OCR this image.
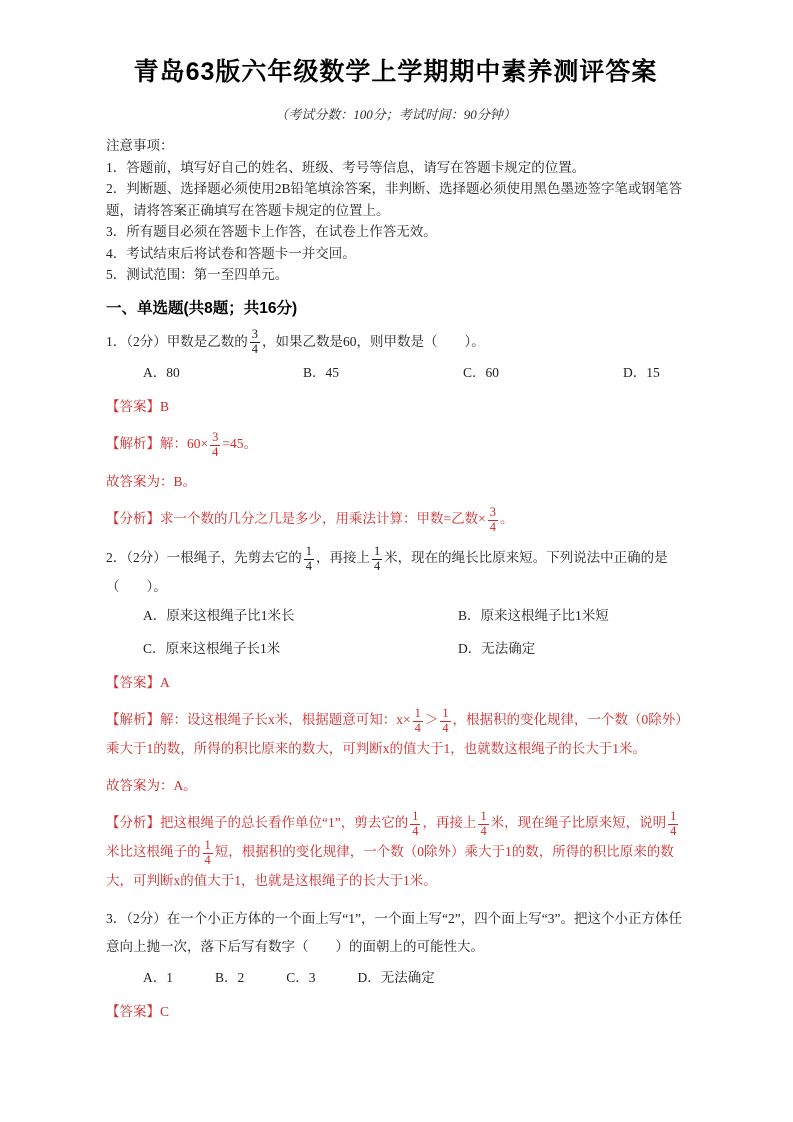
青岛63版六年级数学上学期期中素养测评答案

（考试分数：100分；考试时间：90分钟）

注意事项：

1．答题前，填写好自己的姓名、班级、考号等信息，请写在答题卡规定的位置。

2．判断题、选择题必须使用2B铅笔填涂答案，非判断、选择题必须使用黑色墨迹签字笔或钢笔答题，请将答案正确填写在答题卡规定的位置上。

3．所有题目必须在答题卡上作答，在试卷上作答无效。

4．考试结束后将试卷和答题卡一并交回。

5．测试范围：第一至四单元。

一、单选题(共8题；共16分)

1．（2分）甲数是乙数的 $\frac{3}{4}$ ，如果乙数是60，则甲数是（　　）。

A．80	B．45	C．60	D．15

【答案】B

【解析】解：$60\times \frac{3}{4} =45$。

故答案为：B。

【分析】求一个数的几分之几是多少，用乘法计算：甲数=乙数× $\frac{3}{4}$ 。

2．（2分）一根绳子，先剪去它的 $\frac{1}{4}$ ，再接上 $\frac{1}{4}$ 米，现在的绳长比原来短。下列说法中正确的是（　　）。

A．原来这根绳子比1米长	B．原来这根绳子比1米短
C．原来这根绳子长1米	D．无法确定

【答案】A

【解析】解：设这根绳子长x米，根据题意可知：$x\times \frac{1}{4} > \frac{1}{4}$ ，根据积的变化规律，一个数（0除外）乘大于1的数，所得的积比原来的数大，可判断x的值大于1，也就数这根绳子的长大于1米。

故答案为：A。

【分析】把这根绳子的总长看作单位“1”，剪去它的 $\frac{1}{4}$ ，再接上 $\frac{1}{4}$ 米，现在绳子比原来短，说明 $\frac{1}{4}$
米比这根绳子的 $\frac{1}{4}$ 短，根据积的变化规律，一个数（0除外）乘大于1的数，所得的积比原来的数大，可判断x的值大于1，也就是这根绳子的长大于1米。

3．（2分）在一个小正方体的一个面上写“1”，一个面上写“2”，四个面上写“3”。把这个小正方体任意向上抛一次，落下后写有数字（　　）的面朝上的可能性大。

A．1	B．2	C．3	D．无法确定

【答案】C
